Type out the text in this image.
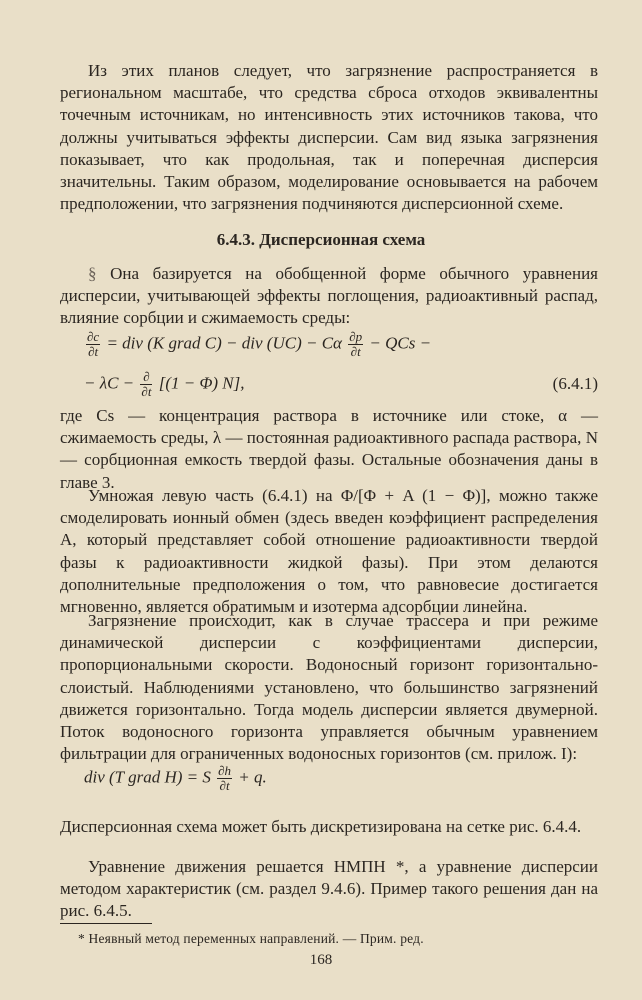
Из этих планов следует, что загрязнение распространяется в региональном масштабе, что средства сброса отходов эквивалентны точечным источникам, но интенсивность этих источников такова, что должны учитываться эффекты дисперсии. Сам вид языка загрязнения показывает, что как продольная, так и поперечная дисперсия значительны. Таким образом, моделирование основывается на рабочем предположении, что загрязнения подчиняются дисперсионной схеме.
6.4.3. Дисперсионная схема
§ Она базируется на обобщенной форме обычного уравнения дисперсии, учитывающей эффекты поглощения, радиоактивный распад, влияние сорбции и сжимаемость среды:
$\frac{\partial c}{\partial t}$ = div (K grad C) − div (UC) − Cα $\frac{\partial p}{\partial t}$ − QCs −
− $\lambda C - \frac{\partial}{\partial t} [(1 - \Phi)$ N],	(6.4.1)
где Cs — концентрация раствора в источнике или стоке, α — сжимаемость среды, λ — постоянная радиоактивного распада раствора, N — сорбционная емкость твердой фазы. Остальные обозначения даны в главе 3.
Умножая левую часть (6.4.1) на Φ/[Φ + A (1 − Φ)], можно также смоделировать ионный обмен (здесь введен коэффициент распределения A, который представляет собой отношение радиоактивности твердой фазы к радиоактивности жидкой фазы). При этом делаются дополнительные предположения о том, что равновесие достигается мгновенно, является обратимым и изотерма адсорбции линейна.
Загрязнение происходит, как в случае трассера и при режиме динамической дисперсии с коэффициентами дисперсии, пропорциональными скорости. Водоносный горизонт горизонтально-слоистый. Наблюдениями установлено, что большинство загрязнений движется горизонтально. Тогда модель дисперсии является двумерной. Поток водоносного горизонта управляется обычным уравнением фильтрации для ограниченных водоносных горизонтов (см. прилож. I):
div (T grad H) = S $\frac{\partial h}{\partial t} + q$.
Дисперсионная схема может быть дискретизирована на сетке рис. 6.4.4.
Уравнение движения решается НМПН *, а уравнение дисперсии методом характеристик (см. раздел 9.4.6). Пример такого решения дан на рис. 6.4.5.
* Неявный метод переменных направлений. — Прим. ред.
168
